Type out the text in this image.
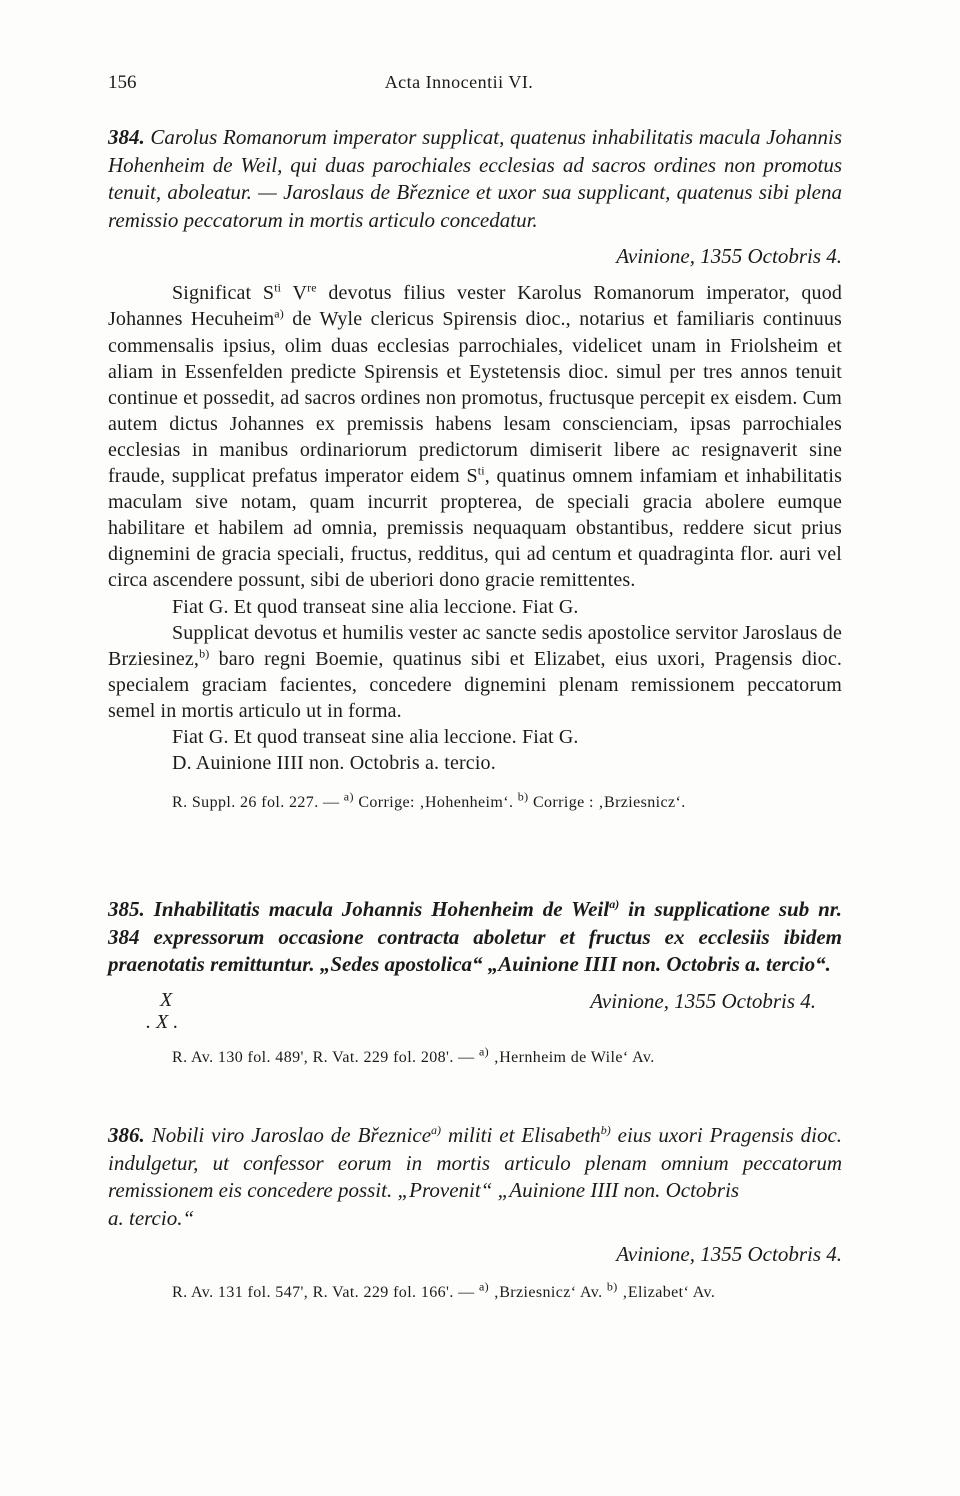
156	Acta Innocentii VI.
384. Carolus Romanorum imperator supplicat, quatenus inhabilitatis macula Johannis Hohenheim de Weil, qui duas parochiales ecclesias ad sacros ordines non promotus tenuit, aboleatur. — Jaroslaus de Březnice et uxor sua supplicant, quatenus sibi plena remissio peccatorum in mortis articulo concedatur.
Avinione, 1355 Octobris 4.

Significat $S^{ti}$ Vre devotus filius vester Karolus Romanorum imperator, quod Johannes Hecuheim$^{a)}$ de Wyle clericus Spirensis dioc., notarius et familiaris continuus commensalis ipsius, olim duas ecclesias parrochiales, videlicet unam in Friolsheim et aliam in Essenfelden predicte Spirensis et Eystetensis dioc. simul per tres annos tenuit continue et possedit, ad sacros ordines non promotus, fructusque percepit ex eisdem. Cum autem dictus Johannes ex premissis habens lesam conscienciam, ipsas parrochiales ecclesias in manibus ordinariorum predictorum dimiserit libere ac resignaverit sine fraude, supplicat prefatus imperator eidem $S^{ti}$, quatinus omnem infamiam et inhabilitatis maculam sive notam, quam incurrit propterea, de speciali gracia abolere eumque habilitare et habilem ad omnia, premissis nequaquam obstantibus, reddere sicut prius dignemini de gracia speciali, fructus, redditus, qui ad centum et quadraginta flor. auri vel circa ascendere possunt, sibi de uberiori dono gracie remittentes.

Fiat G. Et quod transeat sine alia leccione. Fiat G.

Supplicat devotus et humilis vester ac sancte sedis apostolice servitor Jaroslaus de Brziesinez,$^{b)}$ baro regni Boemie, quatinus sibi et Elizabet, eius uxori, Pragensis dioc. specialem graciam facientes, concedere dignemini plenam remissionem peccatorum semel in mortis articulo ut in forma.

Fiat G. Et quod transeat sine alia leccione. Fiat G.

D. Auinione IIII non. Octobris a. tercio.

R. Suppl. 26 fol. 227. — $^{a)}$ Corrige: ‚Hohenheim‘. $^{b)}$ Corrige : ‚Brziesnicz‘.
385. Inhabilitatis macula Johannis Hohenheim de Weil$^{a)}$ in supplicatione sub nr. 384 expressorum occasione contracta aboletur et fructus ex ecclesiis ibidem praenotatis remittuntur. „Sedes apostolica“ „Auinione IIII non. Octobris a. tercio“.
X
. X .
Avinione, 1355 Octobris 4.
R. Av. 130 fol. 489', R. Vat. 229 fol. 208'. — $^{a)}$ ‚Hernheim de Wile‘ Av.
386. Nobili viro Jaroslao de Březnice$^{a)}$ militi et Elisabeth$^{b)}$ eius uxori Pragensis dioc. indulgetur, ut confessor eorum in mortis articulo plenam omnium peccatorum remissionem eis concedere possit. „Provenit“ „Auinione IIII non. Octobris
a. tercio.“
Avinione, 1355 Octobris 4.
R. Av. 131 fol. 547', R. Vat. 229 fol. 166'. — $^{a)}$ ‚Brziesnicz‘ Av. $^{b)}$ ‚Elizabet‘ Av.
